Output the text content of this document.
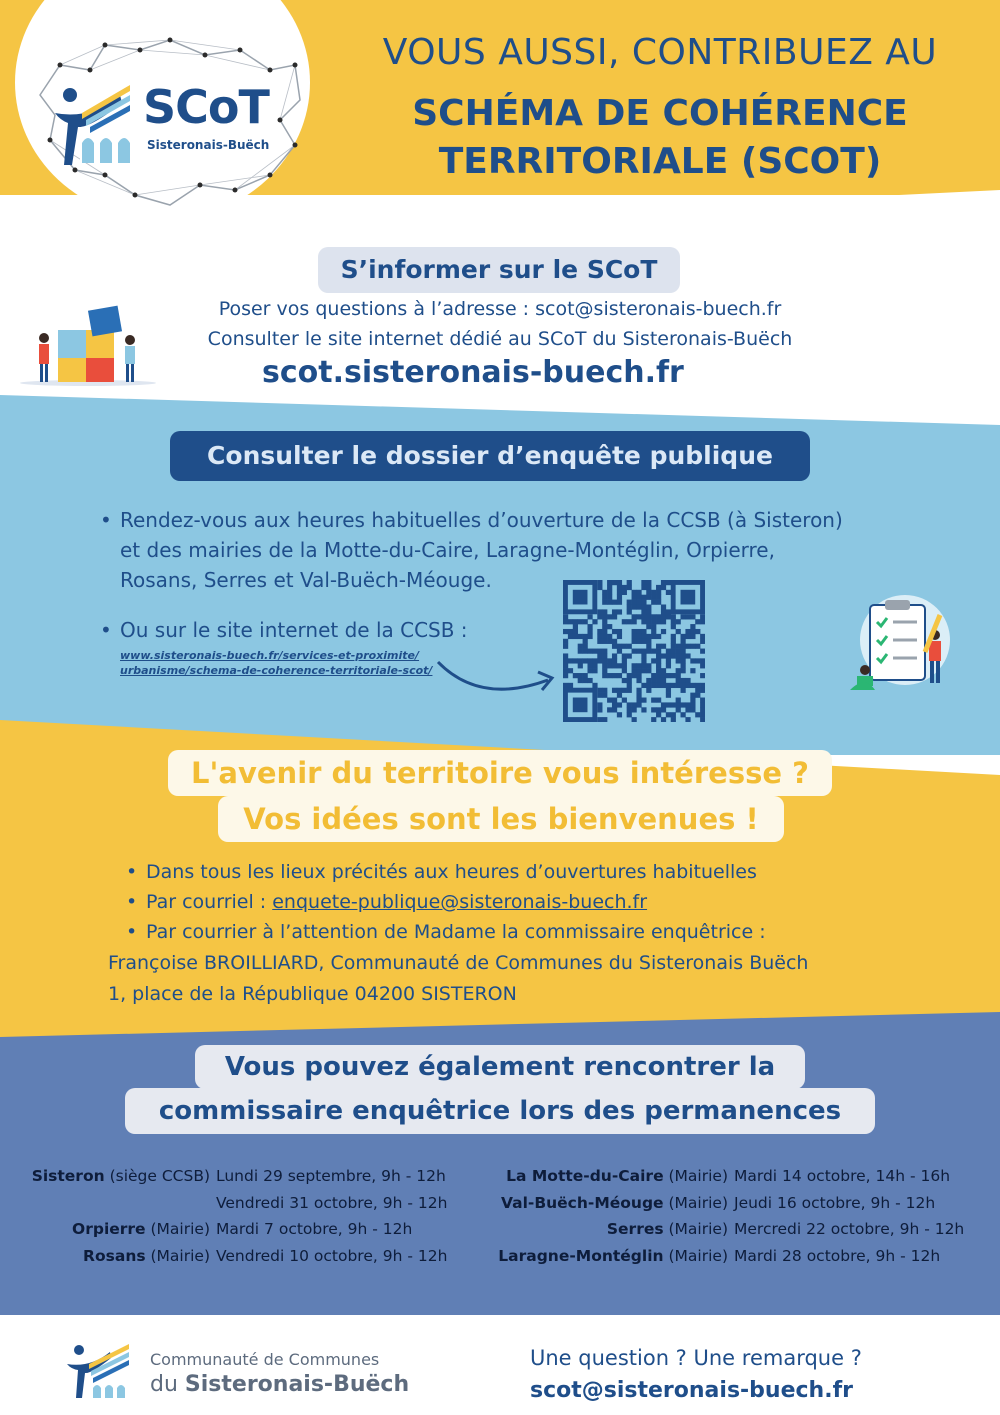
SCoT
Sisteronais-Buëch
VOUS AUSSI, CONTRIBUEZ AU
SCHÉMA DE COHÉRENCE
TERRITORIALE (SCOT)
S’informer sur le SCoT
Poser vos questions à l’adresse : scot@sisteronais-buech.fr
Consulter le site internet dédié au SCoT du Sisteronais-Buëch
scot.sisteronais-buech.fr
Consulter le dossier d’enquête publique
• Rendez-vous aux heures habituelles d’ouverture de la CCSB (à Sisteron)
et des mairies de la Motte-du-Caire, Laragne-Montéglin, Orpierre,
Rosans, Serres et Val-Buëch-Méouge.
• Ou sur le site internet de la CCSB :
www.sisteronais-buech.fr/services-et-proximite/
urbanisme/schema-de-coherence-territoriale-scot/
L'avenir du territoire vous intéresse ?
Vos idées sont les bienvenues !
• Dans tous les lieux précités aux heures d’ouvertures habituelles
• Par courriel : enquete-publique@sisteronais-buech.fr
• Par courrier à l’attention de Madame la commissaire enquêtrice :
Françoise BROILLIARD, Communauté de Communes du Sisteronais Buëch
1, place de la République 04200 SISTERON
Vous pouvez également rencontrer la
commissaire enquêtrice lors des permanences
Sisteron (siège CCSB) Lundi 29 septembre, 9h - 12h
Vendredi 31 octobre, 9h - 12h
Orpierre (Mairie) Mardi 7 octobre, 9h - 12h
Rosans (Mairie) Vendredi 10 octobre, 9h - 12h
La Motte-du-Caire (Mairie) Mardi 14 octobre, 14h - 16h
Val-Buëch-Méouge (Mairie) Jeudi 16 octobre, 9h - 12h
Serres (Mairie) Mercredi 22 octobre, 9h - 12h
Laragne-Montéglin (Mairie) Mardi 28 octobre, 9h - 12h
Communauté de Communes
du Sisteronais-Buëch
Une question ? Une remarque ?
scot@sisteronais-buech.fr
